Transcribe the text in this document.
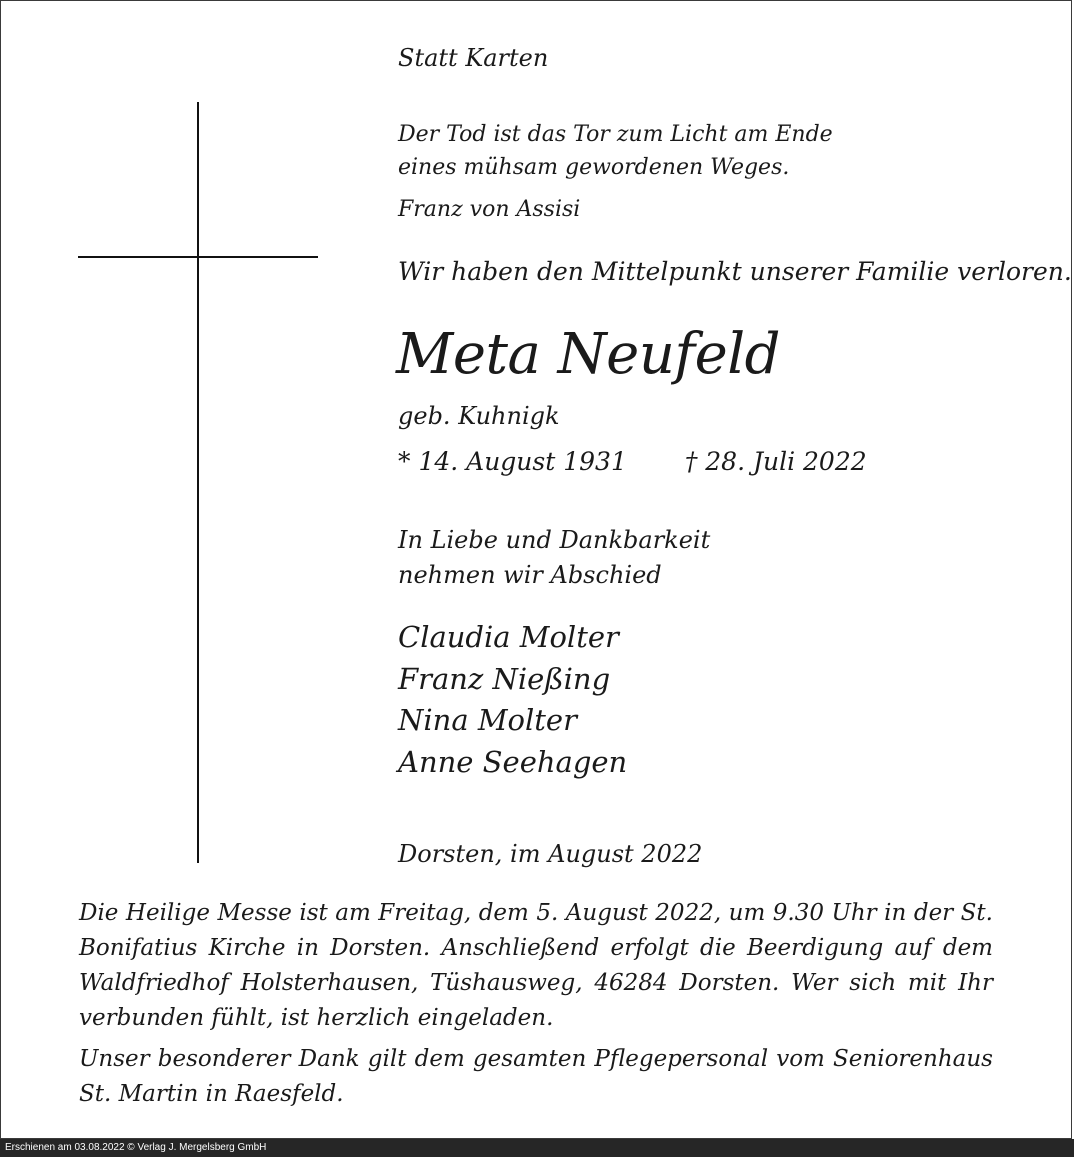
Statt Karten
Der Tod ist das Tor zum Licht am Ende
eines mühsam gewordenen Weges.
Franz von Assisi
Wir haben den Mittelpunkt unserer Familie verloren.
Meta Neufeld
geb. Kuhnigk
* 14. August 1931 † 28. Juli 2022
In Liebe und Dankbarkeit
nehmen wir Abschied
Claudia Molter
Franz Nießing
Nina Molter
Anne Seehagen
Dorsten, im August 2022
Die Heilige Messe ist am Freitag, dem 5. August 2022, um 9.30 Uhr in der St. Bonifatius Kirche in Dorsten. Anschließend erfolgt die Beerdigung auf dem Waldfriedhof Holsterhausen, Tüshausweg, 46284 Dorsten. Wer sich mit Ihr verbunden fühlt, ist herzlich eingeladen.
Unser besonderer Dank gilt dem gesamten Pflegepersonal vom Seniorenhaus St. Martin in Raesfeld.
Erschienen am 03.08.2022 © Verlag J. Mergelsberg GmbH
